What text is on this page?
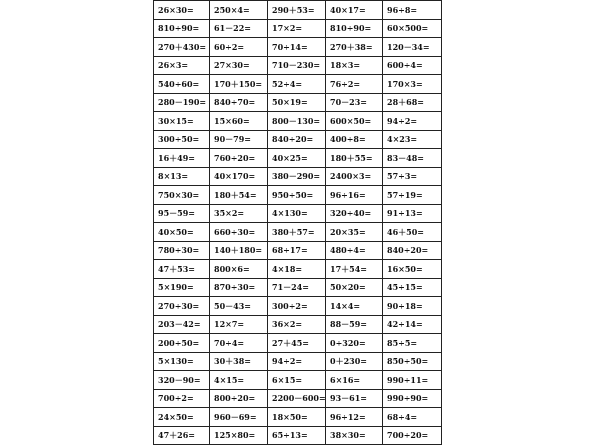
26×30=	250×4=	290＋53=	40×17=	96÷8=
810÷90=	61－22=	17×2=	810÷90=	60×500=
270＋430=	60÷2=	70÷14=	270＋38=	120－34=
26×3=	27×30=	710－230=	18×3=	600÷4=
540÷60=	170＋150=	52÷4=	76÷2=	170×3=
280－190=	840÷70=	50×19=	70－23=	28＋68=
30×15=	15×60=	800－130=	600×50=	94÷2=
300÷50=	90－79=	840÷20=	400÷8=	4×23=
16＋49=	760÷20=	40×25=	180＋55=	83－48=
8×13=	40×170=	380－290=	2400×3=	57÷3=
750×30=	180＋54=	950÷50=	96÷16=	57÷19=
95－59=	35×2=	4×130=	320÷40=	91÷13=
40×50=	660÷30=	380＋57=	20×35=	46＋50=
780÷30=	140＋180=	68÷17=	480÷4=	840÷20=
47＋53=	800×6=	4×18=	17＋54=	16×50=
5×190=	870÷30=	71－24=	50×20=	45÷15=
270÷30=	50－43=	300÷2=	14×4=	90÷18=
203－42=	12×7=	36×2=	88－59=	42÷14=
200÷50=	70÷4=	27＋45=	0÷320=	85÷5=
5×130=	30＋38=	94÷2=	0＋230=	850÷50=
320－90=	4×15=	6×15=	6×16=	990÷11=
700÷2=	800÷20=	2200－600=	93－61=	990÷90=
24×50=	960－69=	18×50=	96÷12=	68÷4=
47＋26=	125×80=	65÷13=	38×30=	700÷20=
